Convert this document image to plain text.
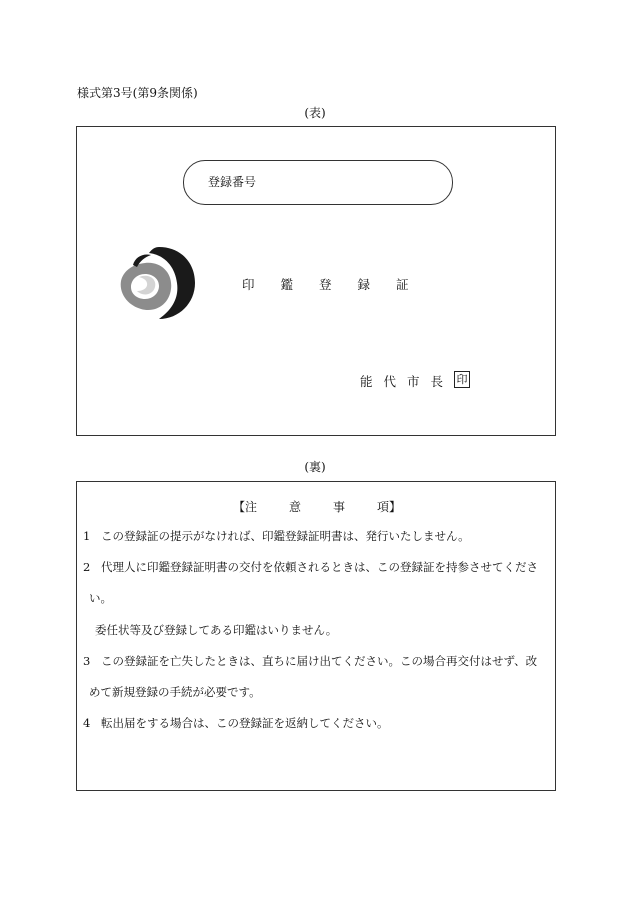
様式第3号(第9条関係)
(表)
登録番号
印鑑登録証
能代市長 印
(裏)
【注	意	事	項】
1 この登録証の提示がなければ、印鑑登録証明書は、発行いたしません。
2 代理人に印鑑登録証明書の交付を依頼されるときは、この登録証を持参させてくださ
い。
委任状等及び登録してある印鑑はいりません。
3 この登録証を亡失したときは、直ちに届け出てください。この場合再交付はせず、改
めて新規登録の手続が必要です。
4 転出届をする場合は、この登録証を返納してください。
